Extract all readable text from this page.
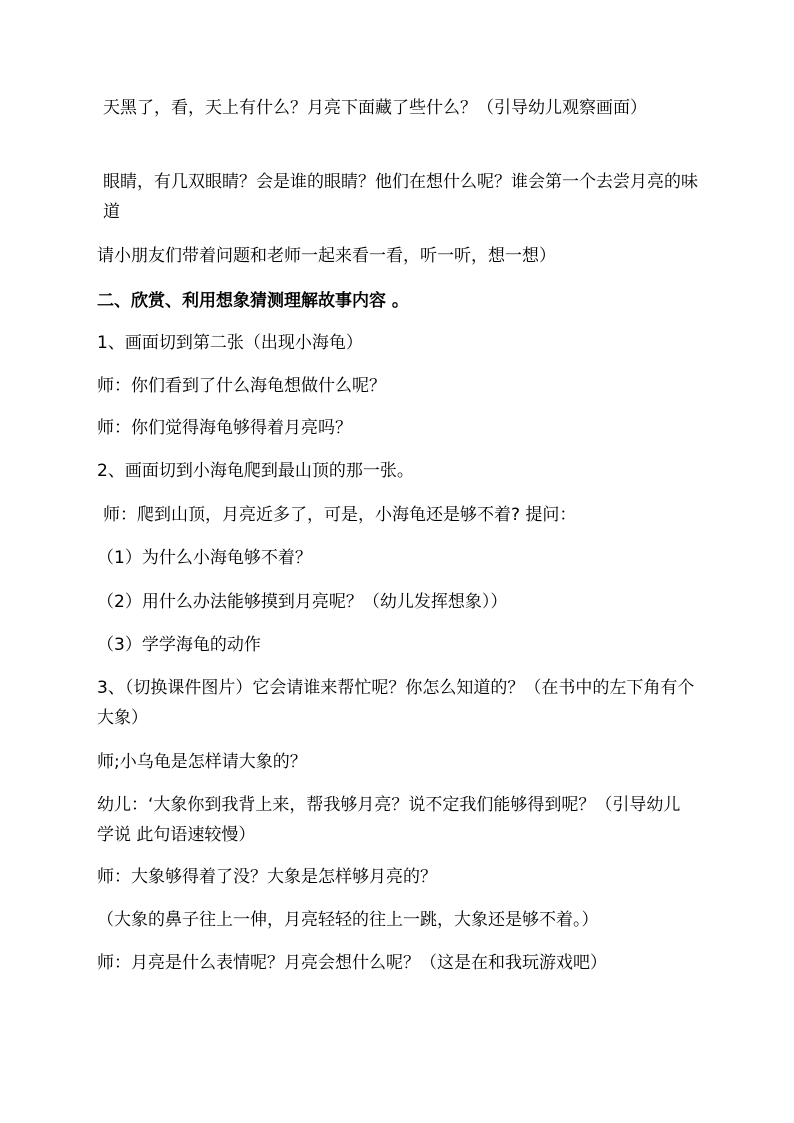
天黑了，看，天上有什么？月亮下面藏了些什么？（引导幼儿观察画面）
眼睛，有几双眼睛？会是谁的眼睛？他们在想什么呢？谁会第一个去尝月亮的味道
请小朋友们带着问题和老师一起来看一看，听一听，想一想）
二、欣赏、利用想象猜测理解故事内容 。
1、画面切到第二张（出现小海龟）
师：你们看到了什么海龟想做什么呢？
师：你们觉得海龟够得着月亮吗？
2、画面切到小海龟爬到最山顶的那一张。
师：爬到山顶，月亮近多了，可是，小海龟还是够不着? 提问：
（1）为什么小海龟够不着？
（2）用什么办法能够摸到月亮呢？（幼儿发挥想象））
（3）学学海龟的动作
3、（切换课件图片）它会请谁来帮忙呢？你怎么知道的？（在书中的左下角有个大象）
师;小乌龟是怎样请大象的？
幼儿：‘大象你到我背上来，帮我够月亮？说不定我们能够得到呢？（引导幼儿学说 此句语速较慢）
师：大象够得着了没？大象是怎样够月亮的？
（大象的鼻子往上一伸，月亮轻轻的往上一跳，大象还是够不着。）
师：月亮是什么表情呢？月亮会想什么呢？（这是在和我玩游戏吧）
